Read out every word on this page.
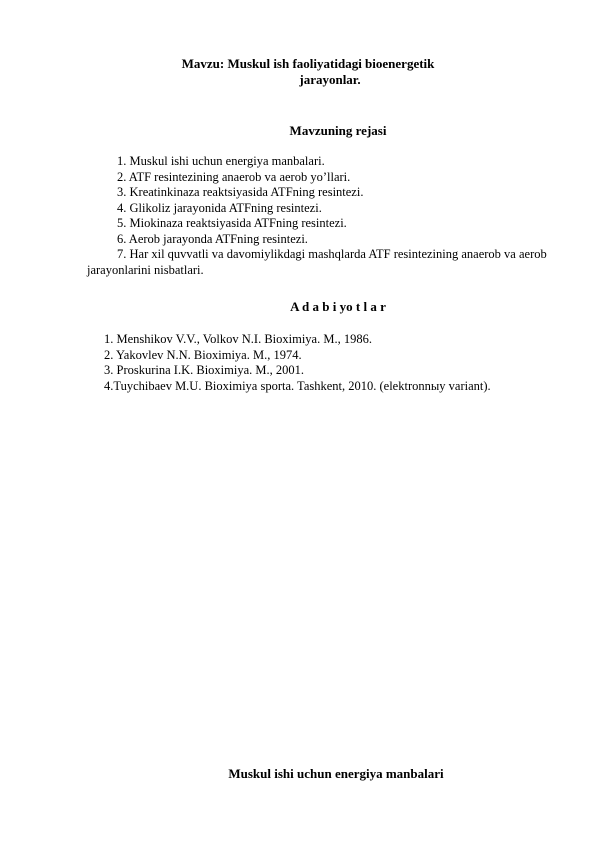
Mavzu: Muskul ish faoliyatidagi bioenergetik
jarayonlar.
Mavzuning rejasi
1. Muskul ishi uchun energiya manbalari.
2. ATF resintezining anaerob va aerob yo’llari.
3. Kreatinkinaza reaktsiyasida ATFning resintezi.
4. Glikoliz jarayonida ATFning resintezi.
5. Miokinaza reaktsiyasida ATFning resintezi.
6. Aerob jarayonda ATFning resintezi.
7. Har xil quvvatli va davomiylikdagi mashqlarda ATF resintezining anaerob va aerob jarayonlarini nisbatlari.
A d a b i yo t l a r
1. Menshikov V.V., Volkov N.I. Bioximiya. M., 1986.
2. Yakovlev N.N. Bioximiya. M., 1974.
3. Proskurina I.K. Bioximiya. M., 2001.
4.Tuychibaev M.U. Bioximiya sporta. Tashkent, 2010. (elektronnыy variant).
Muskul ishi uchun energiya manbalari
